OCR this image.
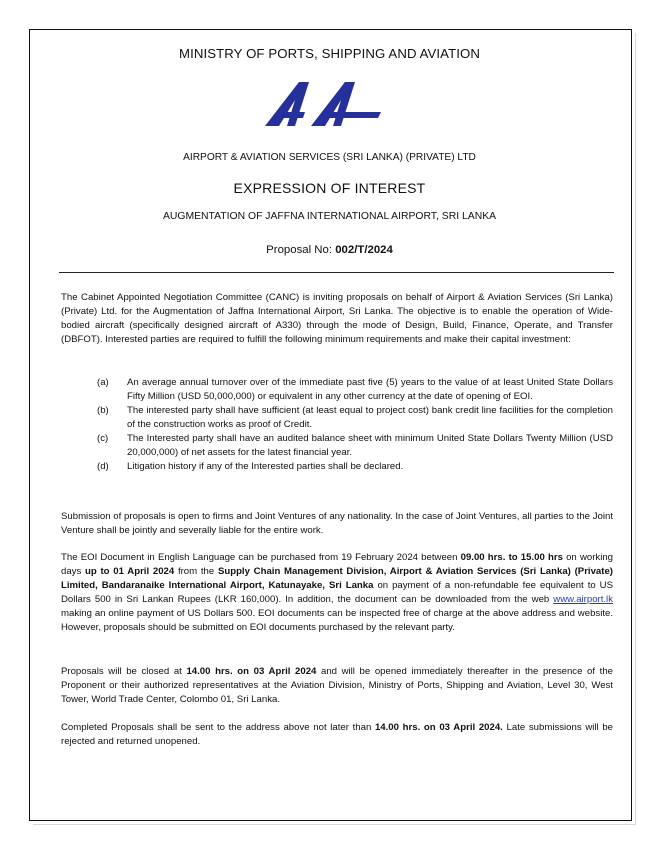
MINISTRY OF PORTS, SHIPPING AND AVIATION
AIRPORT & AVIATION SERVICES (SRI LANKA) (PRIVATE) LTD
EXPRESSION OF INTEREST
AUGMENTATION OF JAFFNA INTERNATIONAL AIRPORT, SRI LANKA
Proposal No: 002/T/2024
The Cabinet Appointed Negotiation Committee (CANC) is inviting proposals on behalf of Airport & Aviation Services (Sri Lanka) (Private) Ltd. for the Augmentation of Jaffna International Airport, Sri Lanka. The objective is to enable the operation of Wide-bodied aircraft (specifically designed aircraft of A330) through the mode of Design, Build, Finance, Operate, and Transfer (DBFOT). Interested parties are required to fulfill the following minimum requirements and make their capital investment:
(a)	An average annual turnover over of the immediate past five (5) years to the value of at least United State Dollars Fifty Million (USD 50,000,000) or equivalent in any other currency at the date of opening of EOI.
(b)	The interested party shall have sufficient (at least equal to project cost) bank credit line facilities for the completion of the construction works as proof of Credit.
(c)	The Interested party shall have an audited balance sheet with minimum United State Dollars Twenty Million (USD 20,000,000) of net assets for the latest financial year.
(d)	Litigation history if any of the Interested parties shall be declared.
Submission of proposals is open to firms and Joint Ventures of any nationality. In the case of Joint Ventures, all parties to the Joint Venture shall be jointly and severally liable for the entire work.
The EOI Document in English Language can be purchased from 19 February 2024 between 09.00 hrs. to 15.00 hrs on working days up to 01 April 2024 from the Supply Chain Management Division, Airport & Aviation Services (Sri Lanka) (Private) Limited, Bandaranaike International Airport, Katunayake, Sri Lanka on payment of a non-refundable fee equivalent to US Dollars 500 in Sri Lankan Rupees (LKR 160,000). In addition, the document can be downloaded from the web www.airport.lk making an online payment of US Dollars 500. EOI documents can be inspected free of charge at the above address and website. However, proposals should be submitted on EOI documents purchased by the relevant party.
Proposals will be closed at 14.00 hrs. on 03 April 2024 and will be opened immediately thereafter in the presence of the Proponent or their authorized representatives at the Aviation Division, Ministry of Ports, Shipping and Aviation, Level 30, West Tower, World Trade Center, Colombo 01, Sri Lanka.
Completed Proposals shall be sent to the address above not later than 14.00 hrs. on 03 April 2024. Late submissions will be rejected and returned unopened.
